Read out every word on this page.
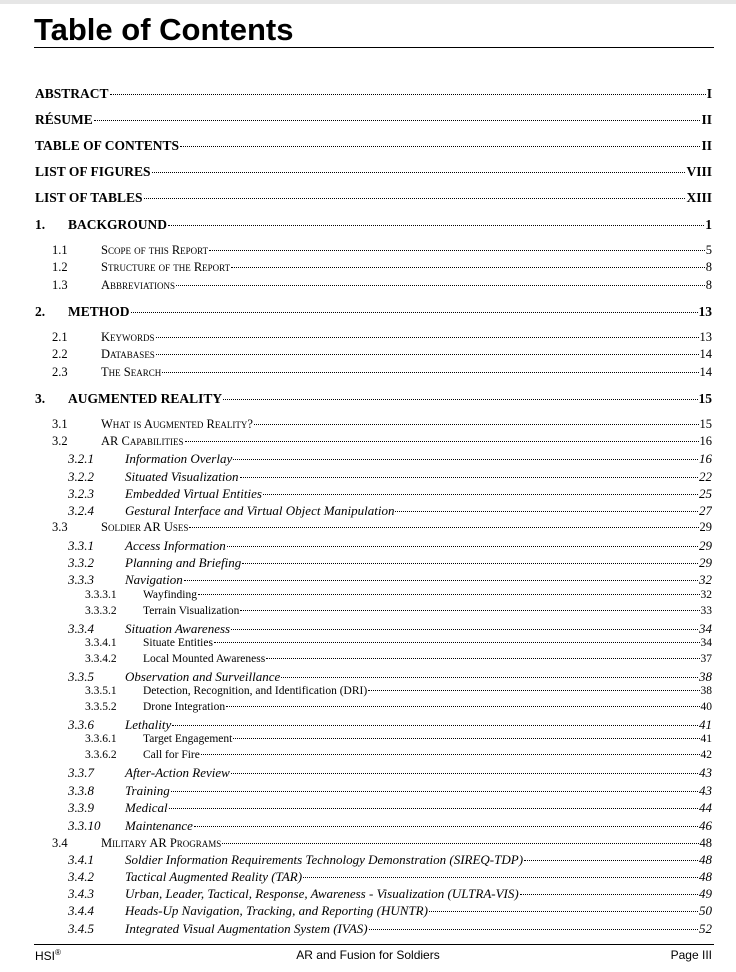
Table of Contents
ABSTRACT	I
RÉSUME	II
TABLE OF CONTENTS	II
LIST OF FIGURES	VIII
LIST OF TABLES	XIII
1.	BACKGROUND	1
1.1	Scope of this Report	5
1.2	Structure of the Report	8
1.3	Abbreviations	8
2.	METHOD	13
2.1	Keywords	13
2.2	Databases	14
2.3	The Search	14
3.	AUGMENTED REALITY	15
3.1	What is Augmented Reality?	15
3.2	AR Capabilities	16
3.2.1	Information Overlay	16
3.2.2	Situated Visualization	22
3.2.3	Embedded Virtual Entities	25
3.2.4	Gestural Interface and Virtual Object Manipulation	27
3.3	Soldier AR Uses	29
3.3.1	Access Information	29
3.3.2	Planning and Briefing	29
3.3.3	Navigation	32
3.3.3.1	Wayfinding	32
3.3.3.2	Terrain Visualization	33
3.3.4	Situation Awareness	34
3.3.4.1	Situate Entities	34
3.3.4.2	Local Mounted Awareness	37
3.3.5	Observation and Surveillance	38
3.3.5.1	Detection, Recognition, and Identification (DRI)	38
3.3.5.2	Drone Integration	40
3.3.6	Lethality	41
3.3.6.1	Target Engagement	41
3.3.6.2	Call for Fire	42
3.3.7	After-Action Review	43
3.3.8	Training	43
3.3.9	Medical	44
3.3.10	Maintenance	46
3.4	Military AR Programs	48
3.4.1	Soldier Information Requirements Technology Demonstration (SIREQ-TDP)	48
3.4.2	Tactical Augmented Reality (TAR)	48
3.4.3	Urban, Leader, Tactical, Response, Awareness - Visualization (ULTRA-VIS)	49
3.4.4	Heads-Up Navigation, Tracking, and Reporting (HUNTR)	50
3.4.5	Integrated Visual Augmentation System (IVAS)	52
HSI®	AR and Fusion for Soldiers	Page III
